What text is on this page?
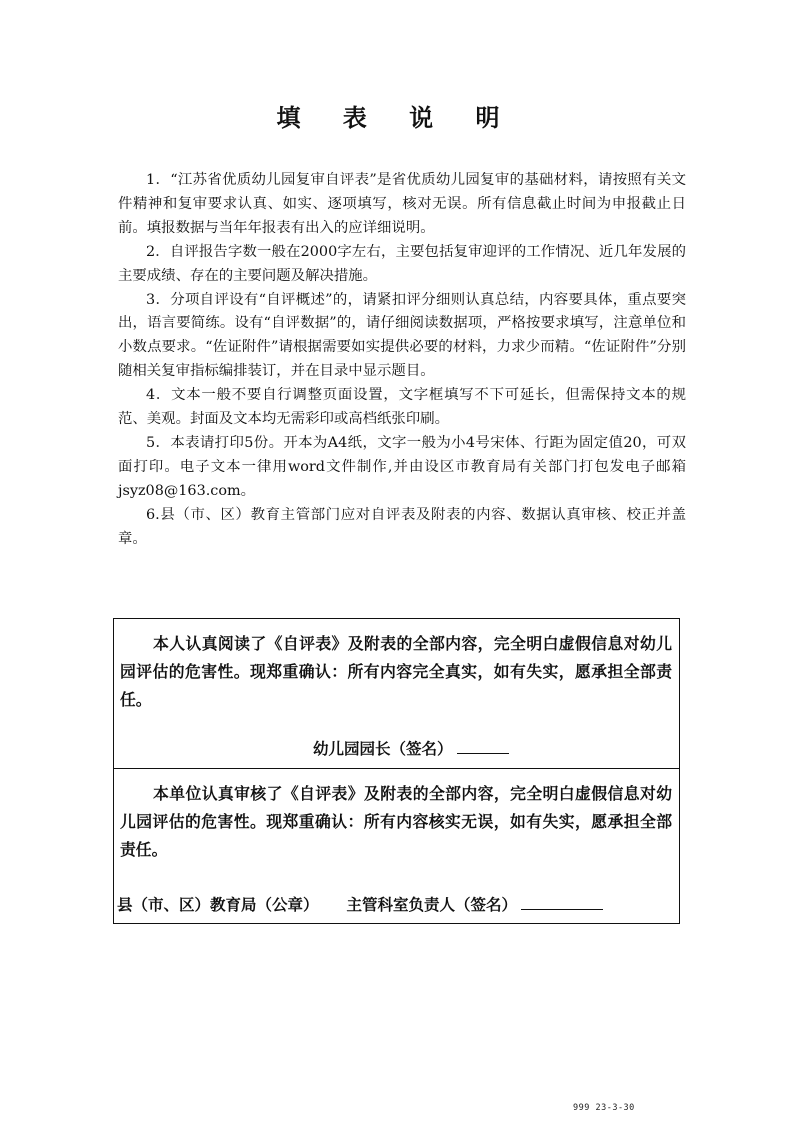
填 表 说 明

1．“江苏省优质幼儿园复审自评表”是省优质幼儿园复审的基础材料，请按照有关文件精神和复审要求认真、如实、逐项填写，核对无误。所有信息截止时间为申报截止日前。填报数据与当年年报表有出入的应详细说明。

2．自评报告字数一般在2000字左右，主要包括复审迎评的工作情况、近几年发展的主要成绩、存在的主要问题及解决措施。

3．分项自评设有“自评概述”的，请紧扣评分细则认真总结，内容要具体，重点要突出，语言要简练。设有“自评数据”的，请仔细阅读数据项，严格按要求填写，注意单位和小数点要求。“佐证附件”请根据需要如实提供必要的材料，力求少而精。“佐证附件”分别随相关复审指标编排装订，并在目录中显示题目。

4．文本一般不要自行调整页面设置，文字框填写不下可延长，但需保持文本的规范、美观。封面及文本均无需彩印或高档纸张印刷。

5．本表请打印5份。开本为A4纸，文字一般为小4号宋体、行距为固定值20，可双面打印。电子文本一律用word文件制作,并由设区市教育局有关部门打包发电子邮箱jsyz08@163.com。

6.县（市、区）教育主管部门应对自评表及附表的内容、数据认真审核、校正并盖章。

本人认真阅读了《自评表》及附表的全部内容，完全明白虚假信息对幼儿园评估的危害性。现郑重确认：所有内容完全真实，如有失实，愿承担全部责任。
幼儿园园长（签名）
本单位认真审核了《自评表》及附表的全部内容，完全明白虚假信息对幼儿园评估的危害性。现郑重确认：所有内容核实无误，如有失实，愿承担全部责任。
县（市、区）教育局（公章） 主管科室负责人（签名）
999 23-3-30
